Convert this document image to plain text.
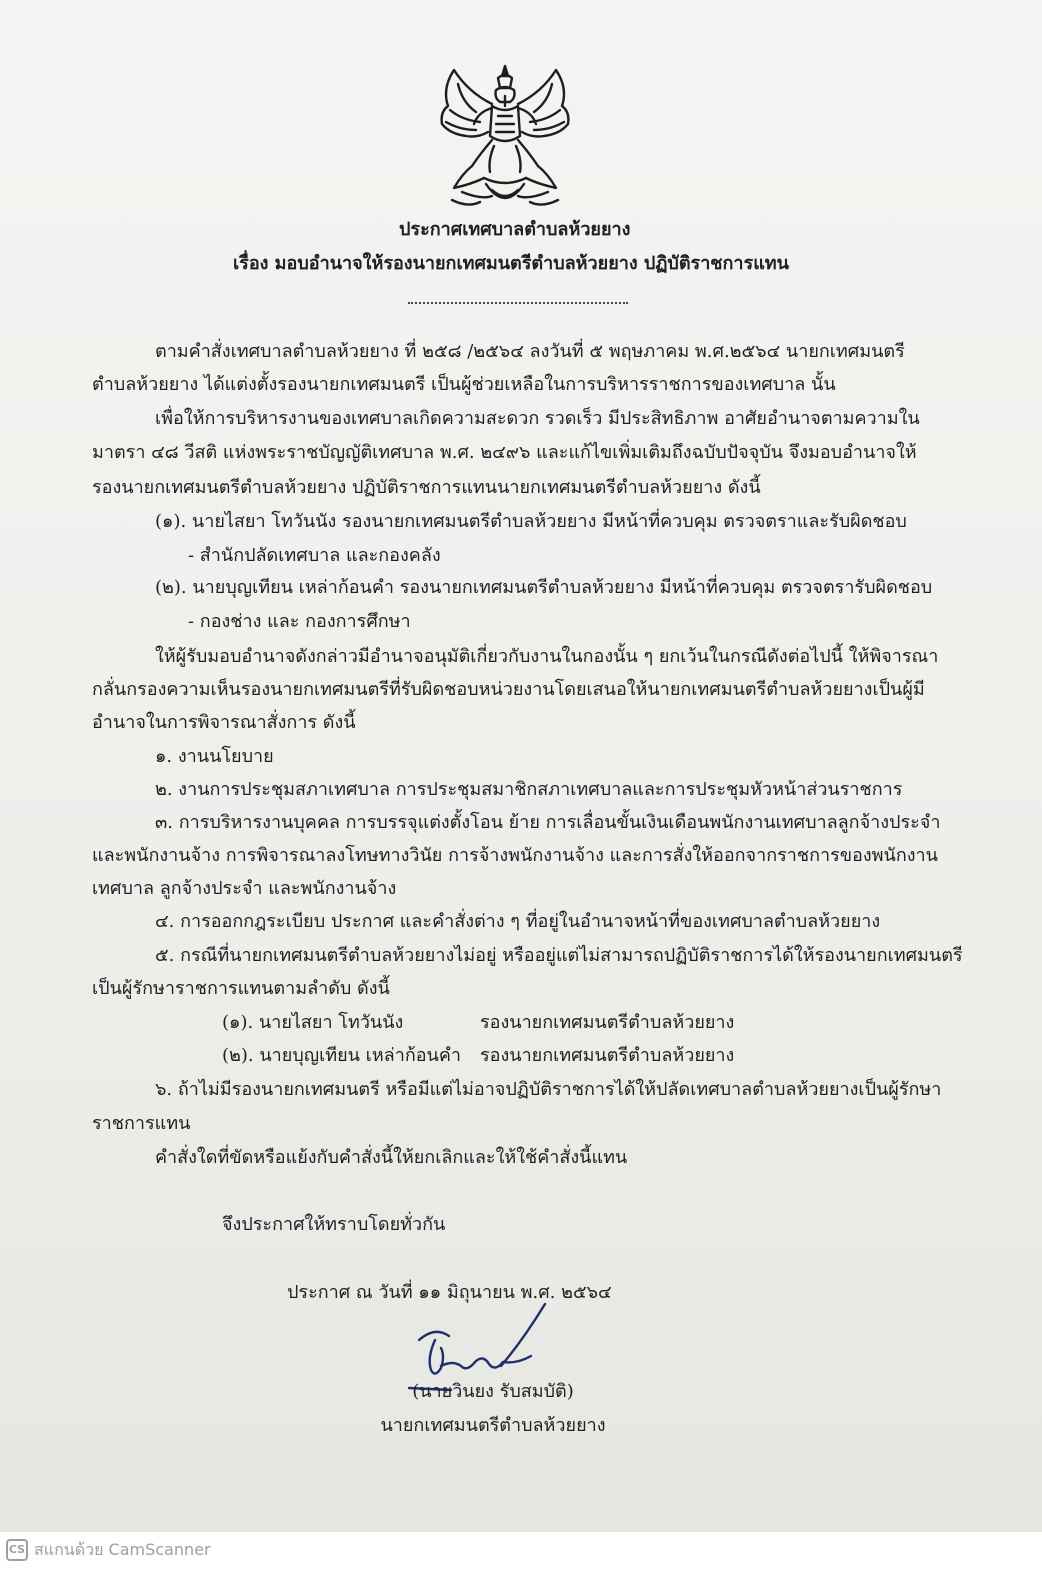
ประกาศเทศบาลตำบลห้วยยาง
เรื่อง มอบอำนาจให้รองนายกเทศมนตรีตำบลห้วยยาง ปฏิบัติราชการแทน
ตามคำสั่งเทศบาลตำบลห้วยยาง ที่ ๒๕๘ /๒๕๖๔ ลงวันที่ ๕ พฤษภาคม พ.ศ.๒๕๖๔ นายกเทศมนตรี
ตำบลห้วยยาง ได้แต่งตั้งรองนายกเทศมนตรี เป็นผู้ช่วยเหลือในการบริหารราชการของเทศบาล นั้น
เพื่อให้การบริหารงานของเทศบาลเกิดความสะดวก รวดเร็ว มีประสิทธิภาพ อาศัยอำนาจตามความใน
มาตรา ๔๘ วีสติ แห่งพระราชบัญญัติเทศบาล พ.ศ. ๒๔๙๖ และแก้ไขเพิ่มเติมถึงฉบับปัจจุบัน จึงมอบอำนาจให้
รองนายกเทศมนตรีตำบลห้วยยาง ปฏิบัติราชการแทนนายกเทศมนตรีตำบลห้วยยาง ดังนี้
(๑). นายไสยา โทวันนัง รองนายกเทศมนตรีตำบลห้วยยาง มีหน้าที่ควบคุม ตรวจตราและรับผิดชอบ
- สำนักปลัดเทศบาล และกองคลัง
(๒). นายบุญเทียน เหล่าก้อนคำ รองนายกเทศมนตรีตำบลห้วยยาง มีหน้าที่ควบคุม ตรวจตรารับผิดชอบ
- กองช่าง และ กองการศึกษา
ให้ผู้รับมอบอำนาจดังกล่าวมีอำนาจอนุมัติเกี่ยวกับงานในกองนั้น ๆ ยกเว้นในกรณีดังต่อไปนี้ ให้พิจารณา
กลั่นกรองความเห็นรองนายกเทศมนตรีที่รับผิดชอบหน่วยงานโดยเสนอให้นายกเทศมนตรีตำบลห้วยยางเป็นผู้มี
อำนาจในการพิจารณาสั่งการ ดังนี้
๑. งานนโยบาย
๒. งานการประชุมสภาเทศบาล การประชุมสมาชิกสภาเทศบาลและการประชุมหัวหน้าส่วนราชการ
๓. การบริหารงานบุคคล การบรรจุแต่งตั้งโอน ย้าย การเลื่อนขั้นเงินเดือนพนักงานเทศบาลลูกจ้างประจำ
และพนักงานจ้าง การพิจารณาลงโทษทางวินัย การจ้างพนักงานจ้าง และการสั่งให้ออกจากราชการของพนักงาน
เทศบาล ลูกจ้างประจำ และพนักงานจ้าง
๔. การออกกฎระเบียบ ประกาศ และคำสั่งต่าง ๆ ที่อยู่ในอำนาจหน้าที่ของเทศบาลตำบลห้วยยาง
๕. กรณีที่นายกเทศมนตรีตำบลห้วยยางไม่อยู่ หรืออยู่แต่ไม่สามารถปฏิบัติราชการได้ให้รองนายกเทศมนตรี
เป็นผู้รักษาราชการแทนตามลำดับ ดังนี้
(๑). นายไสยา โทวันนัง	รองนายกเทศมนตรีตำบลห้วยยาง
(๒). นายบุญเทียน เหล่าก้อนคำ รองนายกเทศมนตรีตำบลห้วยยาง
๖. ถ้าไม่มีรองนายกเทศมนตรี หรือมีแต่ไม่อาจปฏิบัติราชการได้ให้ปลัดเทศบาลตำบลห้วยยางเป็นผู้รักษา
ราชการแทน
คำสั่งใดที่ขัดหรือแย้งกับคำสั่งนี้ให้ยกเลิกและให้ใช้คำสั่งนี้แทน
จึงประกาศให้ทราบโดยทั่วกัน
ประกาศ ณ วันที่ ๑๑ มิถุนายน พ.ศ. ๒๕๖๔
(นายวินยง รับสมบัติ)
นายกเทศมนตรีตำบลห้วยยาง
CS สแกนด้วย CamScanner
